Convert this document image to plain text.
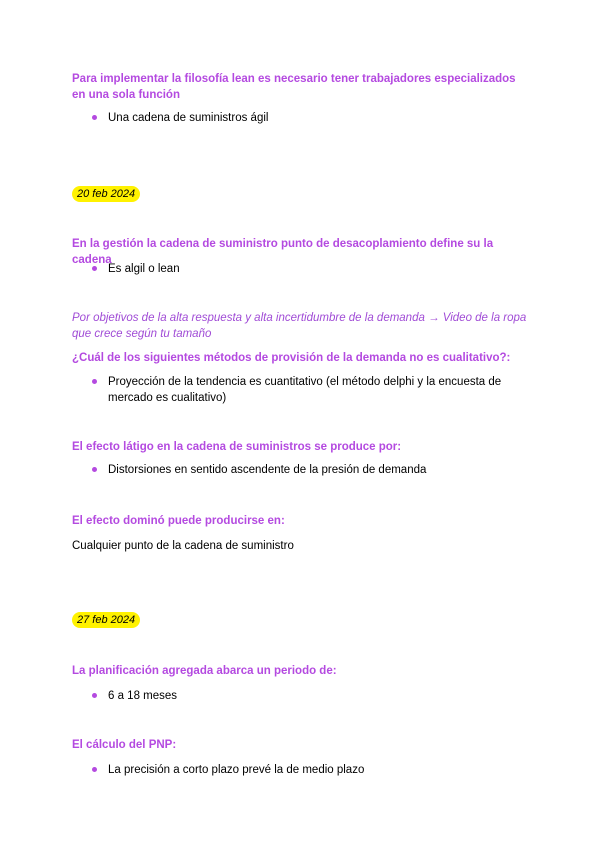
Para implementar la filosofía lean es necesario tener trabajadores especializados en una sola función

Una cadena de suministros ágil
20 feb 2024

En la gestión la cadena de suministro punto de desacoplamiento define su la cadena

Es algil o lean
Por objetivos de la alta respuesta y alta incertidumbre de la demanda → Video de la ropa que crece según tu tamaño

¿Cuál de los siguientes métodos de provisión de la demanda no es cualitativo?:

Proyección de la tendencia es cuantitativo (el método delphi y la encuesta de mercado es cualitativo)

El efecto látigo en la cadena de suministros se produce por:

Distorsiones en sentido ascendente de la presión de demanda

El efecto dominó puede producirse en:

Cualquier punto de la cadena de suministro
27 feb 2024

La planificación agregada abarca un periodo de:

6 a 18 meses

El cálculo del PNP:

La precisión a corto plazo prevé la de medio plazo
